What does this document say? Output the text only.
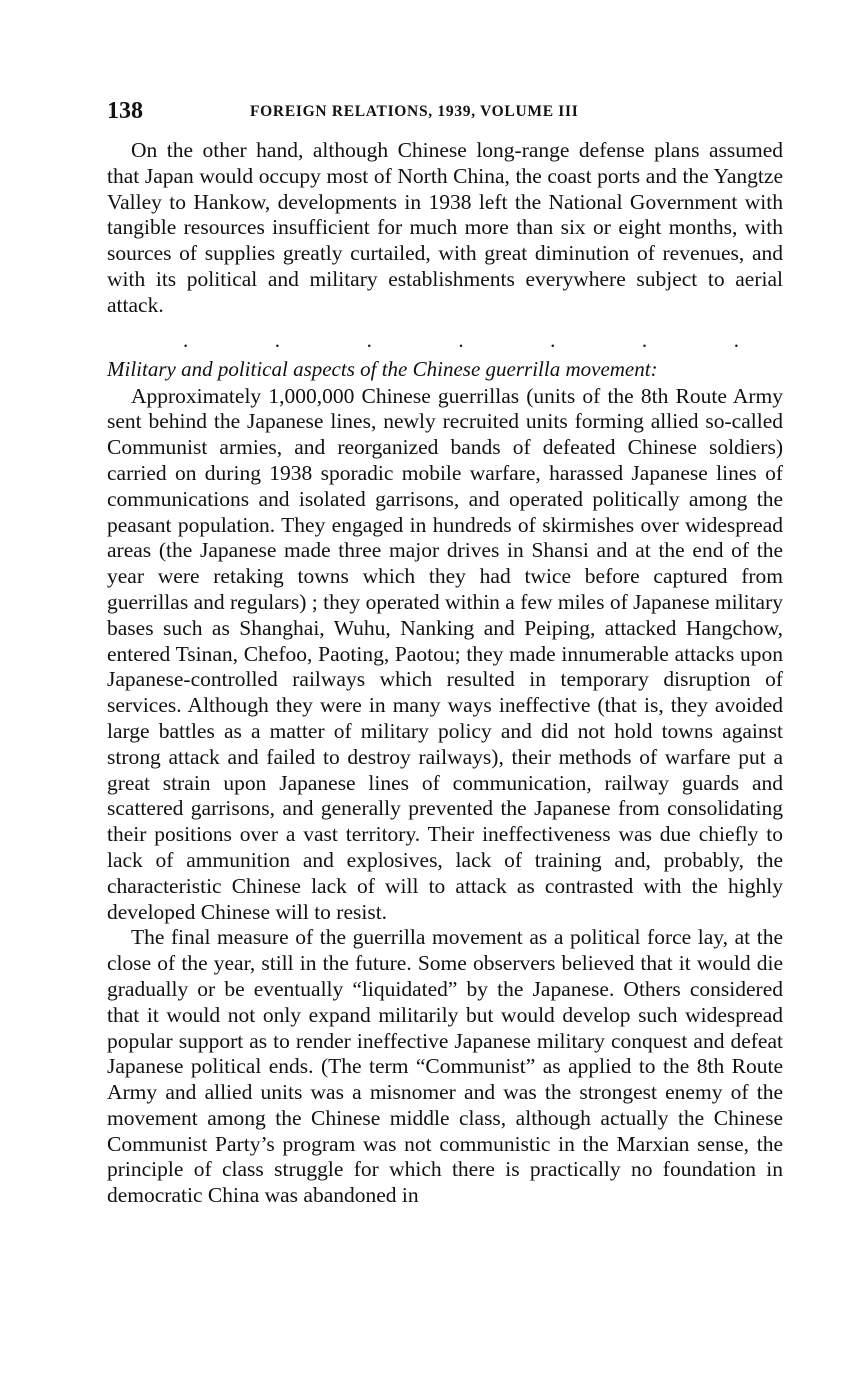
138	FOREIGN RELATIONS, 1939, VOLUME III

On the other hand, although Chinese long-range defense plans assumed that Japan would occupy most of North China, the coast ports and the Yangtze Valley to Hankow, developments in 1938 left the National Government with tangible resources insufficient for much more than six or eight months, with sources of supplies greatly curtailed, with great diminution of revenues, and with its political and military establishments everywhere subject to aerial attack.

.	.	.	.	.	.	.
Military and political aspects of the Chinese guerrilla movement:

Approximately 1,000,000 Chinese guerrillas (units of the 8th Route Army sent behind the Japanese lines, newly recruited units forming allied so-called Communist armies, and reorganized bands of defeated Chinese soldiers) carried on during 1938 sporadic mobile warfare, harassed Japanese lines of communications and isolated garrisons, and operated politically among the peasant population. They engaged in hundreds of skirmishes over widespread areas (the Japanese made three major drives in Shansi and at the end of the year were retaking towns which they had twice before captured from guerrillas and regulars) ; they operated within a few miles of Japanese military bases such as Shanghai, Wuhu, Nanking and Peiping, attacked Hangchow, entered Tsinan, Chefoo, Paoting, Paotou; they made innumerable attacks upon Japanese-controlled railways which resulted in temporary disruption of services. Although they were in many ways ineffective (that is, they avoided large battles as a matter of military policy and did not hold towns against strong attack and failed to destroy railways), their methods of warfare put a great strain upon Japanese lines of communication, railway guards and scattered garrisons, and generally prevented the Japanese from consolidating their positions over a vast territory. Their ineffectiveness was due chiefly to lack of ammunition and explosives, lack of training and, probably, the characteristic Chinese lack of will to attack as contrasted with the highly developed Chinese will to resist.

The final measure of the guerrilla movement as a political force lay, at the close of the year, still in the future. Some observers believed that it would die gradually or be eventually “liquidated” by the Japanese. Others considered that it would not only expand militarily but would develop such widespread popular support as to render ineffective Japanese military conquest and defeat Japanese political ends. (The term “Communist” as applied to the 8th Route Army and allied units was a misnomer and was the strongest enemy of the movement among the Chinese middle class, although actually the Chinese Communist Party’s program was not communistic in the Marxian sense, the principle of class struggle for which there is practically no foundation in democratic China was abandoned in
